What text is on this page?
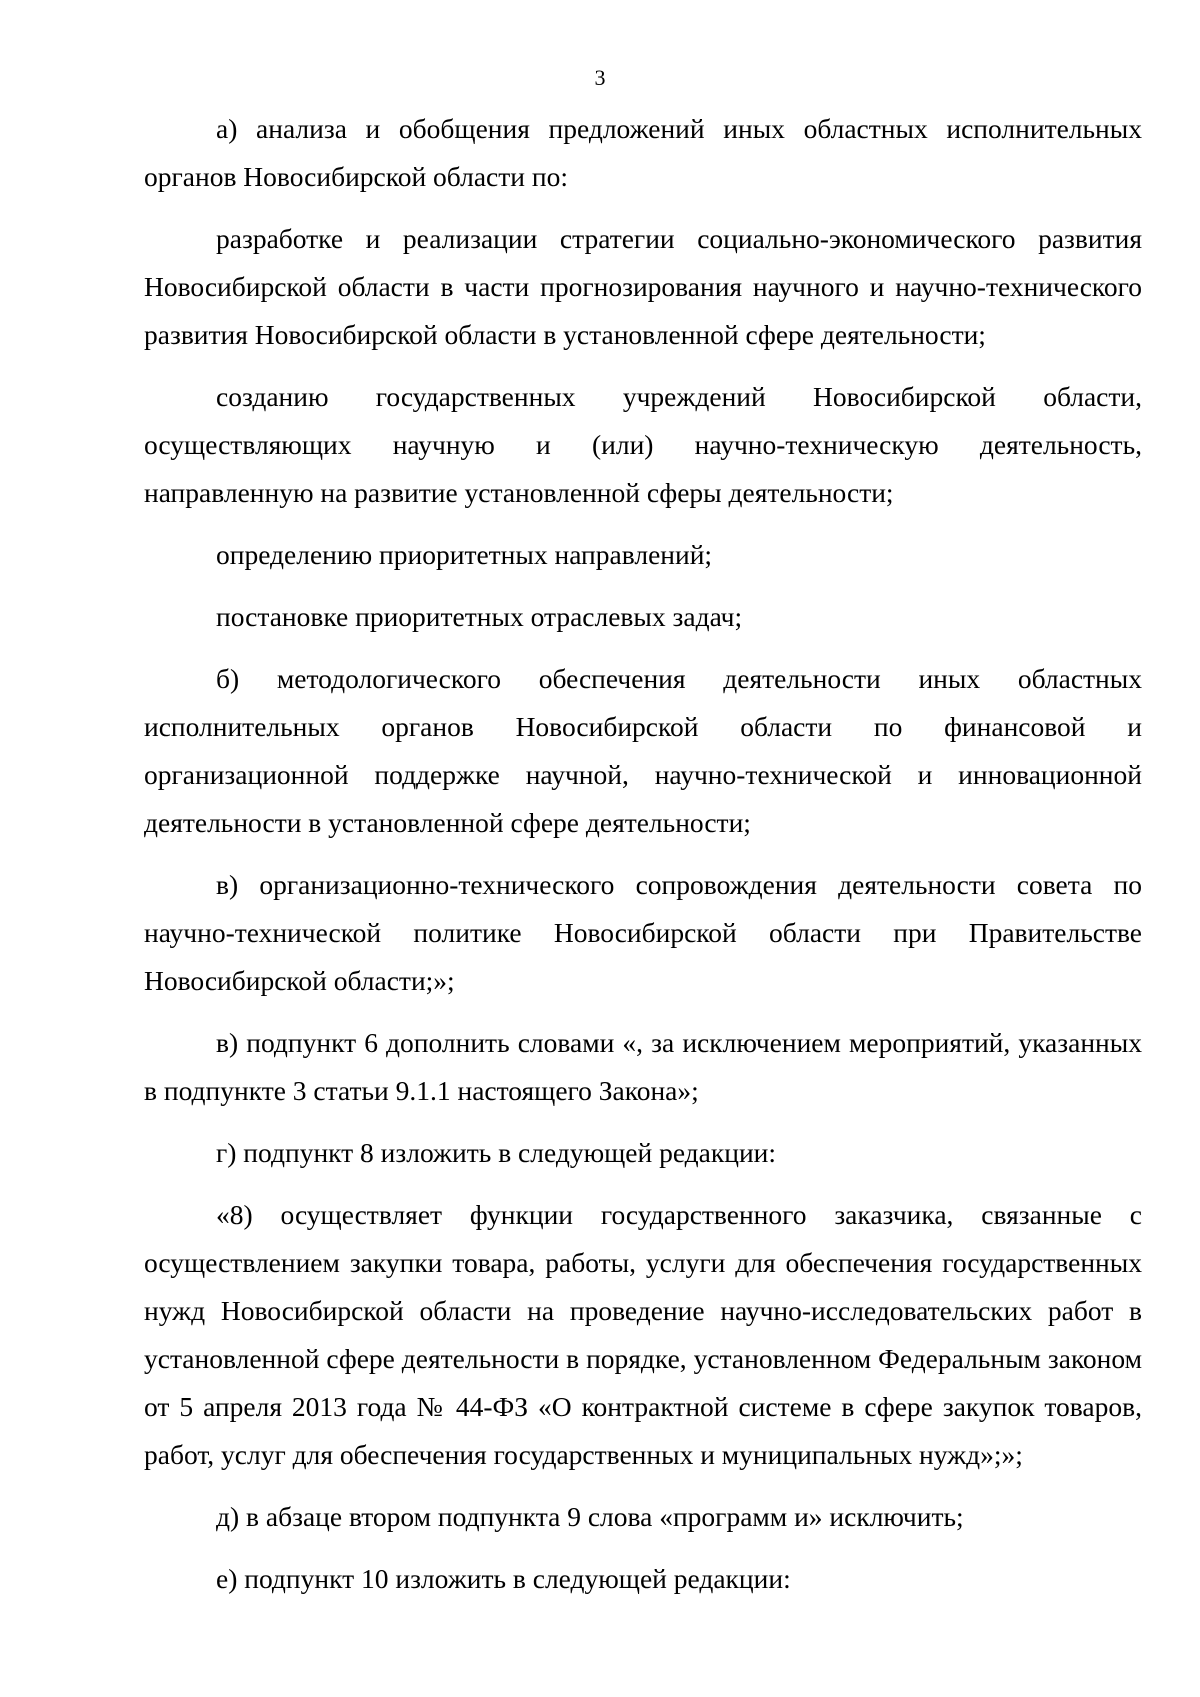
3

а) анализа и обобщения предложений иных областных исполнительных органов Новосибирской области по:

разработке и реализации стратегии социально-экономического развития Новосибирской области в части прогнозирования научного и научно-технического развития Новосибирской области в установленной сфере деятельности;

созданию государственных учреждений Новосибирской области, осуществляющих научную и (или) научно-техническую деятельность, направленную на развитие установленной сферы деятельности;

определению приоритетных направлений;

постановке приоритетных отраслевых задач;

б) методологического обеспечения деятельности иных областных исполнительных органов Новосибирской области по финансовой и организационной поддержке научной, научно-технической и инновационной деятельности в установленной сфере деятельности;

в) организационно-технического сопровождения деятельности совета по научно-технической политике Новосибирской области при Правительстве Новосибирской области;»;

в) подпункт 6 дополнить словами «, за исключением мероприятий, указанных в подпункте 3 статьи 9.1.1 настоящего Закона»;

г) подпункт 8 изложить в следующей редакции:

«8) осуществляет функции государственного заказчика, связанные с осуществлением закупки товара, работы, услуги для обеспечения государственных нужд Новосибирской области на проведение научно-исследовательских работ в установленной сфере деятельности в порядке, установленном Федеральным законом от 5 апреля 2013 года № 44-ФЗ «О контрактной системе в сфере закупок товаров, работ, услуг для обеспечения государственных и муниципальных нужд»;»;

д) в абзаце втором подпункта 9 слова «программ и» исключить;

е) подпункт 10 изложить в следующей редакции:
